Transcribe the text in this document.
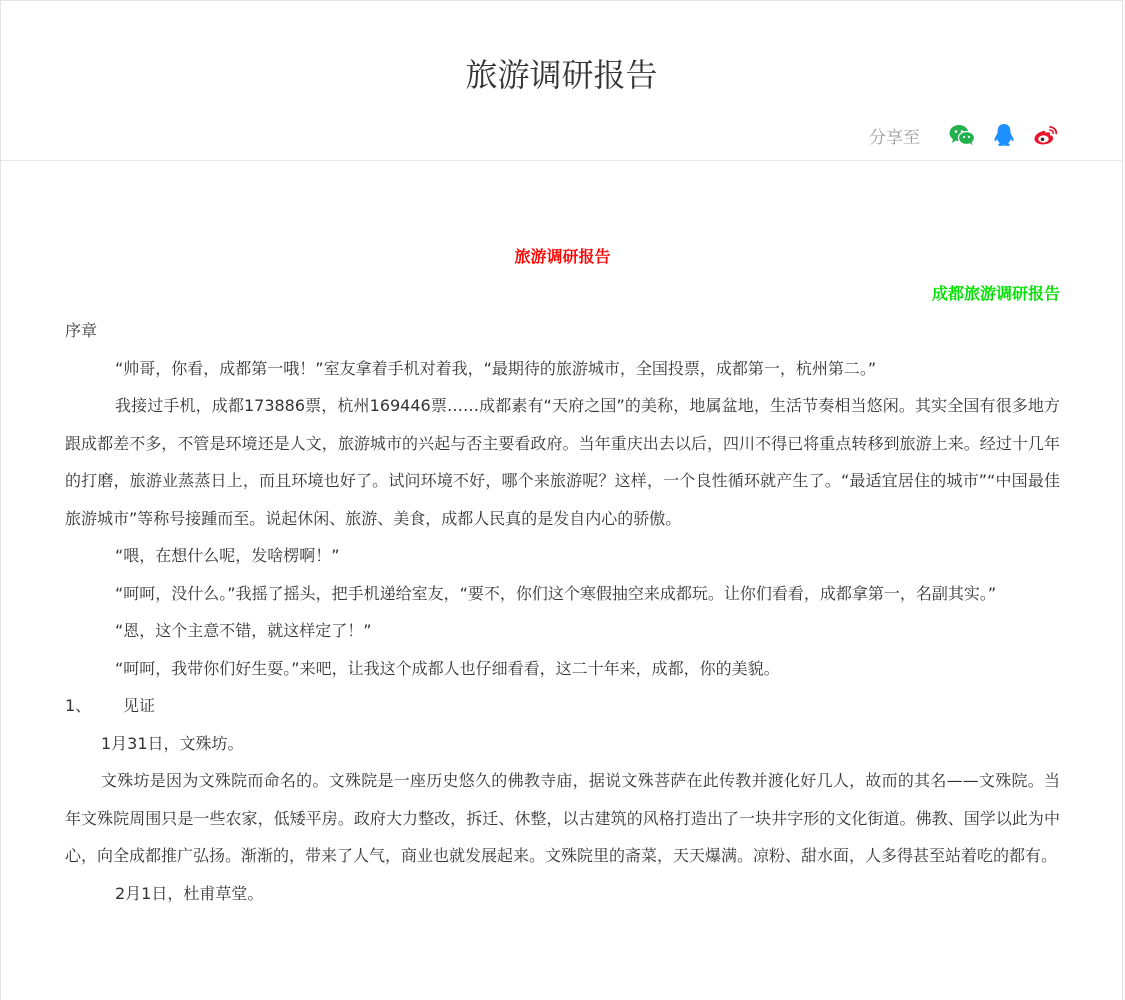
旅游调研报告
分享至
旅游调研报告
成都旅游调研报告

序章

“帅哥，你看，成都第一哦！”室友拿着手机对着我，“最期待的旅游城市，全国投票，成都第一，杭州第二。”

我接过手机，成都173886票，杭州169446票……成都素有“天府之国”的美称，地属盆地，生活节奏相当悠闲。其实全国有很多地方跟成都差不多，不管是环境还是人文，旅游城市的兴起与否主要看政府。当年重庆出去以后，四川不得已将重点转移到旅游上来。经过十几年的打磨，旅游业蒸蒸日上，而且环境也好了。试问环境不好，哪个来旅游呢？这样，一个良性循环就产生了。“最适宜居住的城市”“中国最佳旅游城市”等称号接踵而至。说起休闲、旅游、美食，成都人民真的是发自内心的骄傲。

“喂，在想什么呢，发啥楞啊！”

“呵呵，没什么。”我摇了摇头，把手机递给室友，“要不，你们这个寒假抽空来成都玩。让你们看看，成都拿第一，名副其实。”

“恩，这个主意不错，就这样定了！”

“呵呵，我带你们好生耍。”来吧，让我这个成都人也仔细看看，这二十年来，成都，你的美貌。

1、	见证

1月31日，文殊坊。

文殊坊是因为文殊院而命名的。文殊院是一座历史悠久的佛教寺庙，据说文殊菩萨在此传教并渡化好几人，故而的其名——文殊院。当年文殊院周围只是一些农家，低矮平房。政府大力整改，拆迁、休整，以古建筑的风格打造出了一块井字形的文化街道。佛教、国学以此为中心，向全成都推广弘扬。渐渐的，带来了人气，商业也就发展起来。文殊院里的斋菜，天天爆满。凉粉、甜水面，人多得甚至站着吃的都有。

2月1日，杜甫草堂。
